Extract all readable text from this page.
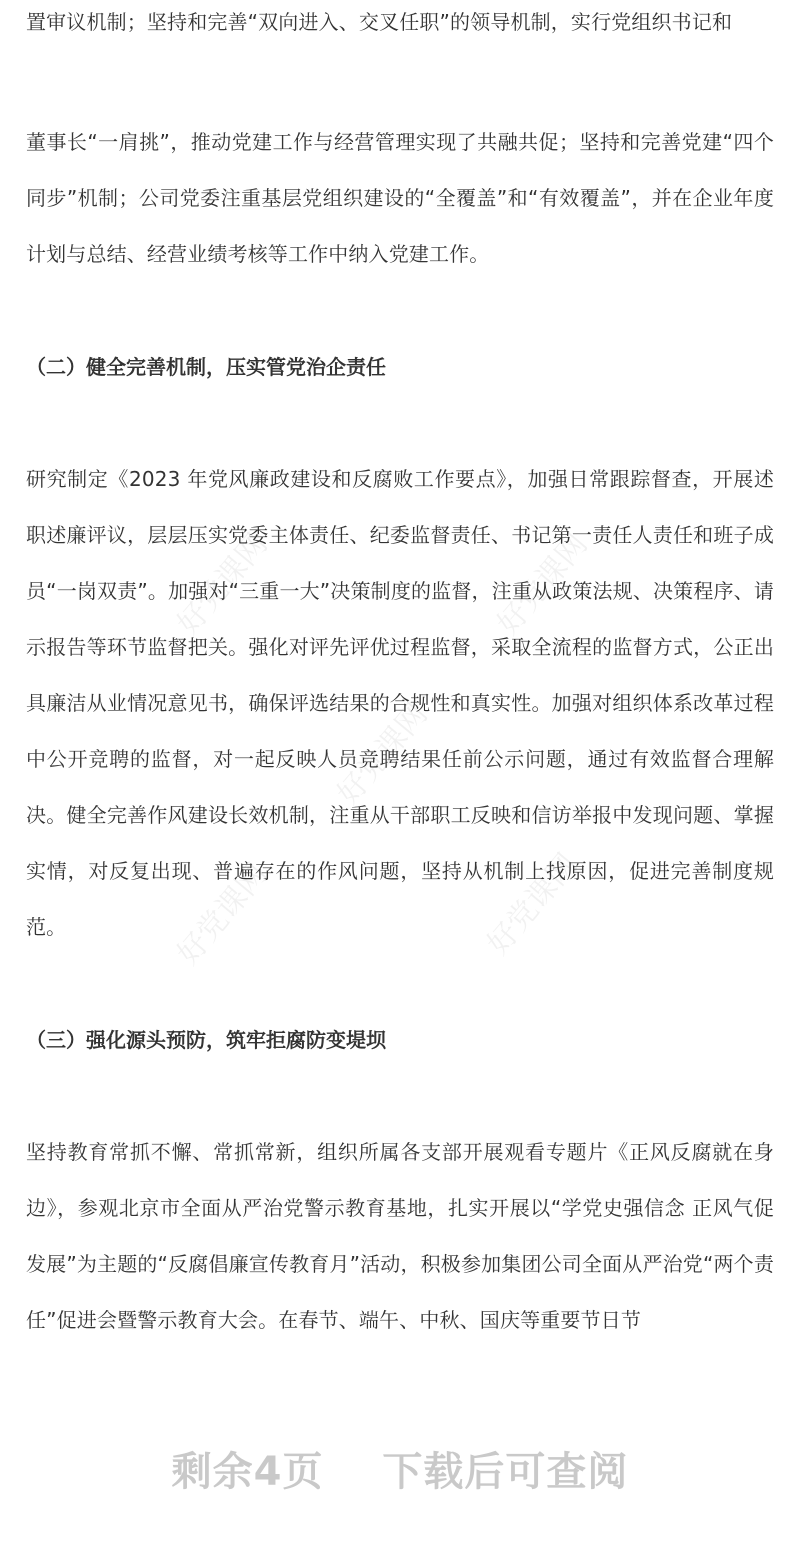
置审议机制；坚持和完善“双向进入、交叉任职”的领导机制，实行党组织书记和

董事长“一肩挑”，推动党建工作与经营管理实现了共融共促；坚持和完善党建“四个同步”机制；公司党委注重基层党组织建设的“全覆盖”和“有效覆盖”，并在企业年度计划与总结、经营业绩考核等工作中纳入党建工作。

（二）健全完善机制，压实管党治企责任

研究制定《2023 年党风廉政建设和反腐败工作要点》，加强日常跟踪督查，开展述职述廉评议，层层压实党委主体责任、纪委监督责任、书记第一责任人责任和班子成员“一岗双责”。加强对“三重一大”决策制度的监督，注重从政策法规、决策程序、请示报告等环节监督把关。强化对评先评优过程监督，采取全流程的监督方式，公正出具廉洁从业情况意见书，确保评选结果的合规性和真实性。加强对组织体系改革过程中公开竞聘的监督，对一起反映人员竞聘结果任前公示问题，通过有效监督合理解决。健全完善作风建设长效机制，注重从干部职工反映和信访举报中发现问题、掌握实情，对反复出现、普遍存在的作风问题，坚持从机制上找原因，促进完善制度规范。

（三）强化源头预防，筑牢拒腐防变堤坝

坚持教育常抓不懈、常抓常新，组织所属各支部开展观看专题片《正风反腐就在身边》，参观北京市全面从严治党警示教育基地，扎实开展以“学党史强信念 正风气促发展”为主题的“反腐倡廉宣传教育月”活动，积极参加集团公司全面从严治党“两个责任”促进会暨警示教育大会。在春节、端午、中秋、国庆等重要节日节

好党课网	好党课网
好党课网
好党课网	好党课网
剩余4页 下载后可查阅
